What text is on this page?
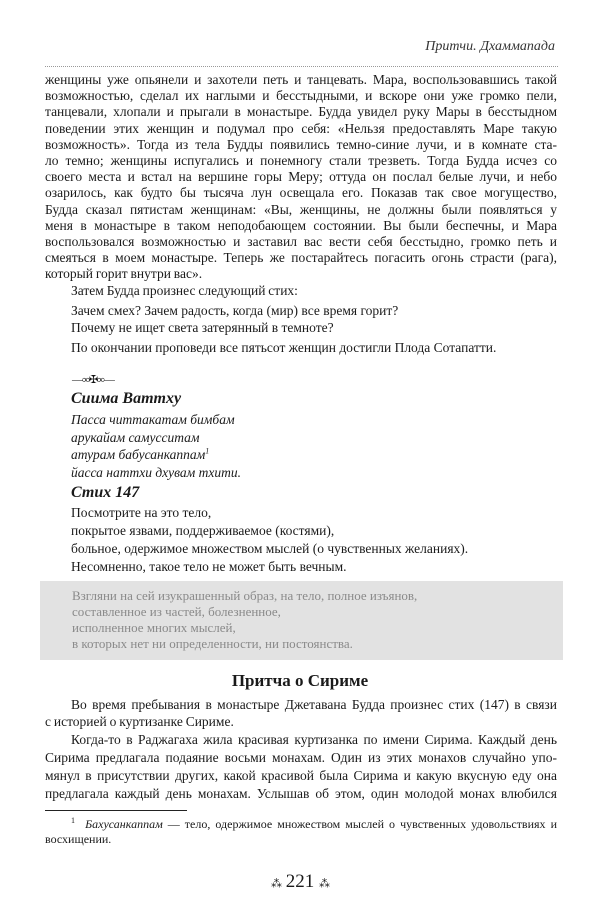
Притчи. Дхаммапада
женщины уже опьянели и захотели петь и танцевать. Мара, воспользовавшись такой
возможностью, сделал их наглыми и бесстыдными, и вскоре они уже громко пели,
танцевали, хлопали и прыгали в монастыре. Будда увидел руку Мары в бесстыдном
поведении этих женщин и подумал про себя: «Нельзя предоставлять Маре такую
возможность». Тогда из тела Будды появились темно-синие лучи, и в комнате ста-
ло темно; женщины испугались и понемногу стали трезветь. Тогда Будда исчез со
своего места и встал на вершине горы Меру; оттуда он послал белые лучи, и небо
озарилось, как будто бы тысяча лун освещала его. Показав так свое могущество,
Будда сказал пятистам женщинам: «Вы, женщины, не должны были появляться у
меня в монастыре в таком неподобающем состоянии. Вы были беспечны, и Мара
воспользовался возможностью и заставил вас вести себя бесстыдно, громко петь и
смеяться в моем монастыре. Теперь же постарайтесь погасить огонь страсти (рага),
который горит внутри вас».
Затем Будда произнес следующий стих:
Зачем смех? Зачем радость, когда (мир) все время горит?
Почему не ищет света затерянный в темноте?
По окончании проповеди все пятьсот женщин достигли Плода Сотапатти.
—∞✠∞—
Сиима Ваттху
Пасса читтакатам бимбам
арукайам самусситам
атурам бабусанкаппам$^1$
йасса наттхи дхувам тхити.
Стих 147
Посмотрите на это тело,
покрытое язвами, поддерживаемое (костями),
больное, одержимое множеством мыслей (о чувственных желаниях).
Несомненно, такое тело не может быть вечным.
Взгляни на сей изукрашенный образ, на тело, полное изъянов,
составленное из частей, болезненное,
исполненное многих мыслей,
в которых нет ни определенности, ни постоянства.
Притча о Сириме
Во время пребывания в монастыре Джетавана Будда произнес стих (147) в связи
с историей о куртизанке Сириме.
Когда-то в Раджагаха жила красивая куртизанка по имени Сирима. Каждый день
Сирима предлагала подаяние восьми монахам. Один из этих монахов случайно упо-
мянул в присутствии других, какой красивой была Сирима и какую вкусную еду она
предлагала каждый день монахам. Услышав об этом, один молодой монах влюбился
$^1$ Бахусанкаппам — тело, одержимое множеством мыслей о чувственных удовольствиях и восхищении.
⁂ 221 ⁂
